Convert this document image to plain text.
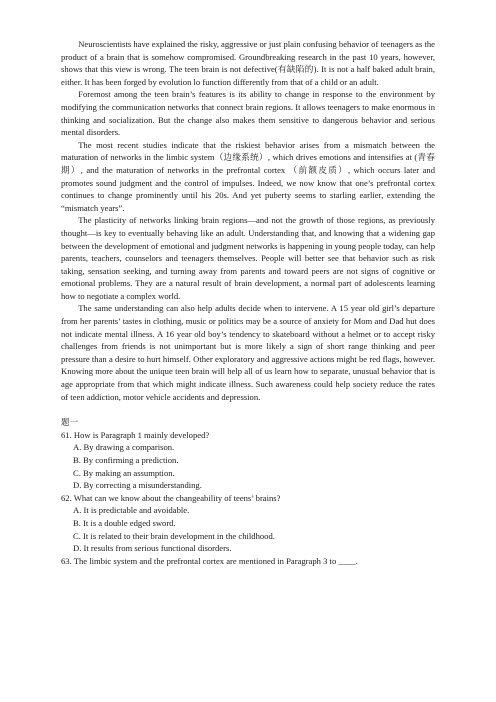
Neuroscientists have explained the risky, aggressive or just plain confusing behavior of teenagers as the product of a brain that is somehow compromised. Groundbreaking research in the past 10 years, however, shows that this view is wrong. The teen brain is not defective(有缺陷的). It is not a half baked adult brain, either. It has been forged by evolution lo function differently from that of a child or an adult.

Foremost among the teen brain’s features is its ability to change in response to the environment by modifying the communication networks that connect brain regions. It allows teenagers to make enormous in thinking and socialization. But the change also makes them sensitive to dangerous behavior and serious mental disorders.

The most recent studies indicate that the riskiest behavior arises from a mismatch between the maturation of networks in the limbic system（边缘系统）, which drives emotions and intensifies at (青春期）, and the maturation of networks in the prefrontal cortex （前额皮质）, which occurs later and promotes sound judgment and the control of impulses. Indeed, we now know that one’s prefrontal cortex continues to change prominently until his 20s. And yet puberty seems to starling earlier, extending the “mismatch years”.

The plasticity of networks linking brain regions—and not the growth of those regions, as previously thought—is key to eventually behaving like an adult. Understanding that, and knowing that a widening gap between the development of emotional and judgment networks is happening in young people today, can help parents, teachers, counselors and teenagers themselves. People will better see that behavior such as risk taking, sensation seeking, and turning away from parents and toward peers are not signs of cognitive or emotional problems. They are a natural result of brain development, a normal part of adolescents learning how to negotiate a complex world.

The same understanding can also help adults decide when to intervene. A 15 year old girl’s departure from her parents’ tastes in clothing, music or politics may be a source of anxiety for Mom and Dad hut does not indicate mental illness. A 16 year old boy’s tendency to skateboard without a helmet or to accept risky challenges from friends is not unimportant but is more likely a sign of short range thinking and peer pressure than a desire to hurt himself. Other exploratory and aggressive actions might be red flags, however. Knowing more about the unique teen brain will help all of us learn how to separate, unusual behavior that is age appropriate from that which might indicate illness. Such awareness could help society reduce the rates of teen addiction, motor vehicle accidents and depression.

题一

61. How is Paragraph 1 mainly developed?

A. By drawing a comparison.

B. By confirming a prediction.

C. By making an assumption.

D. By correcting a misunderstanding.

62. What can we know about the changeability of teens’ brains?

A. It is predictable and avoidable.

B. It is a double edged sword.

C. It is related to their brain development in the childhood.

D. It results from serious functional disorders.

63. The limbic system and the prefrontal cortex are mentioned in Paragraph 3 to ____.
